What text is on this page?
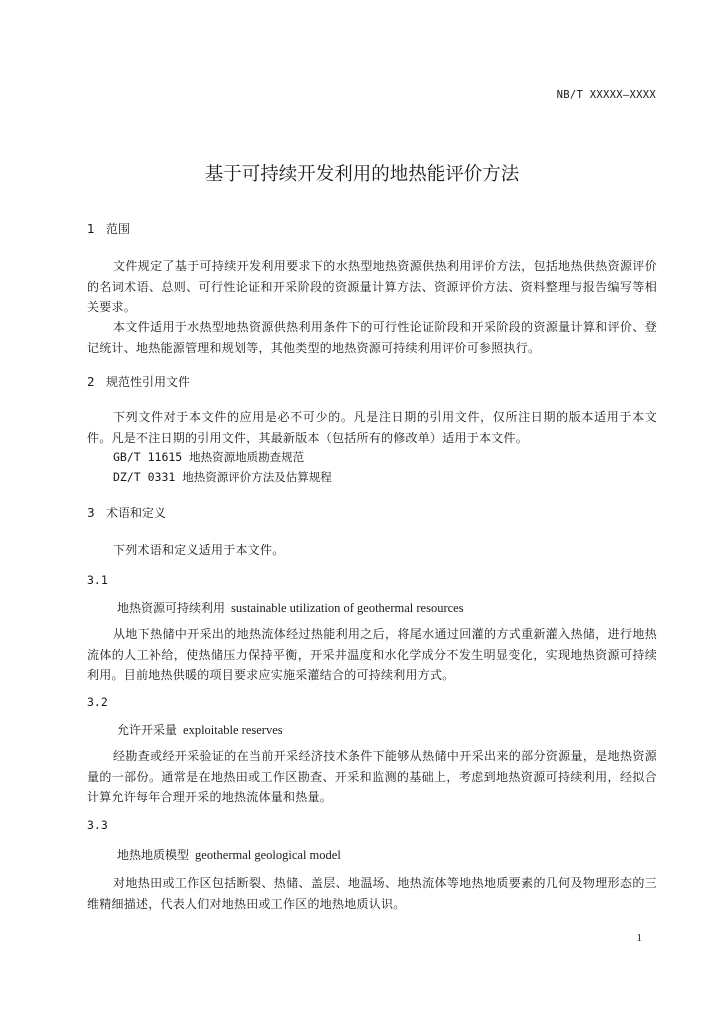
NB/T XXXXX—XXXX
基于可持续开发利用的地热能评价方法
1 范围
文件规定了基于可持续开发利用要求下的水热型地热资源供热利用评价方法，包括地热供热资源评价的名词术语、总则、可行性论证和开采阶段的资源量计算方法、资源评价方法、资料整理与报告编写等相关要求。
本文件适用于水热型地热资源供热利用条件下的可行性论证阶段和开采阶段的资源量计算和评价、登记统计、地热能源管理和规划等，其他类型的地热资源可持续利用评价可参照执行。
2 规范性引用文件
下列文件对于本文件的应用是必不可少的。凡是注日期的引用文件，仅所注日期的版本适用于本文件。凡是不注日期的引用文件，其最新版本（包括所有的修改单）适用于本文件。
GB/T 11615 地热资源地质勘查规范
DZ/T 0331 地热资源评价方法及估算规程
3 术语和定义
下列术语和定义适用于本文件。
3.1
地热资源可持续利用 sustainable utilization of geothermal resources
从地下热储中开采出的地热流体经过热能利用之后，将尾水通过回灌的方式重新灌入热储，进行地热流体的人工补给，使热储压力保持平衡，开采井温度和水化学成分不发生明显变化，实现地热资源可持续利用。目前地热供暖的项目要求应实施采灌结合的可持续利用方式。
3.2
允许开采量 exploitable reserves
经勘查或经开采验证的在当前开采经济技术条件下能够从热储中开采出来的部分资源量，是地热资源量的一部份。通常是在地热田或工作区勘查、开采和监测的基础上，考虑到地热资源可持续利用，经拟合计算允许每年合理开采的地热流体量和热量。
3.3
地热地质模型 geothermal geological model
对地热田或工作区包括断裂、热储、盖层、地温场、地热流体等地热地质要素的几何及物理形态的三维精细描述，代表人们对地热田或工作区的地热地质认识。
1
